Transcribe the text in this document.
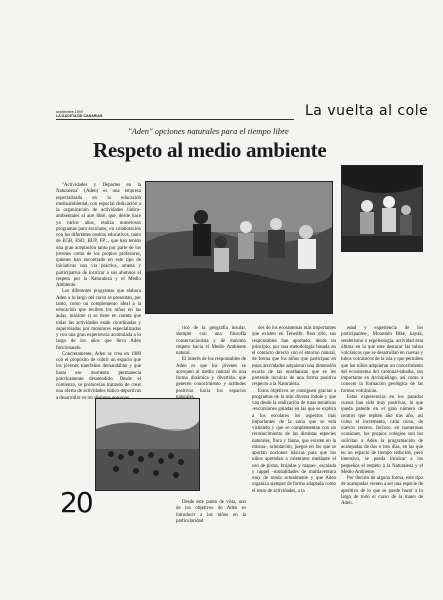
septiembre,1999
LA GACETA DE CANARIAS	La vuelta al cole
"Aden" opciones naturales para el tiempo libre
Respeto al medio ambiente

"Actividades y Deportes en la Naturaleza" (Aden) es una empresa especializada en la educación medioambiental, con especial dedicación a la organización de actividades lúdico-ambientales al aire libre, que, desde hace ya varios años, realiza numerosos programas para escolares, en colaboración con los diferentes centros educativos, tanto de EGB, ESO, BUP, FP..., que han tenido una gran aceptación tanto por parte de los jóvenes como de los propios profesores, quienes han encontrado en este tipo de iniciativas una vía práctica, amena y participativa de inculcar a sus alumnos el respeto por la Naturaleza y el Medio Ambiente.

Los diferentes programas que elabora Aden a lo largo del curso se presentan, por tanto, como un complemento ideal a la educación que reciben los niños en las aulas, máxime si se tiene en cuenta que todas las actividades están coordinadas y supervisadas por monitores especializados y con una gran experiencia acumulada a lo largo de los años que lleva Aden funcionando.

Concretamente, Aden se crea en 1989 con el propósito de cubrir un espacio que los jóvenes tinerfeños demandaban y que hasta ese momento permanecía prácticamente desatendido. Desde el comienzo, se promovían tratando de crear una oferta de actividades lúdico-deportivas a desarrollar en los distintos entornos

rico de la geografía insular, siempre con una filosofía conservacionista y de máximo respeto hacia el Medio Ambiente natural.

El interés de los responsables de Aden es que los jóvenes se acerquen al medio natural de una forma dinámica y divertida, que generen conocimiento y actitudes positivas hacia los espacios naturales.

Desde este punto de vista, uno de los objetivos de Aden es introducir a los niños en la particularidad

des de los ecosistemas más importantes que existen en Tenerife. Para ello, sus responsables han aportado, desde un principio, por una metodología basada en el contacto directo con el entorno natural, de forma que los niños que participan en estas actividades adquieran una dimensión exacta de las enseñanzas que se les pretende inculcar de una forma positiva respecto a la Naturaleza.

Estos objetivos se consiguen gracias a programas de la más diversa índole y que van desde la realización de rutas temáticas -excursiones guiadas en las que se explica a los escolares los aspectos más importantes de la zona que se está visitando y que se complementan con un reconocimiento de las distintas especies naturales, flora y fauna, que existen en la misma-, orientación, juegos en los que se aportan nociones básicas para que los niños aprendan a orientarse mediante el uso de pistas, brújulas y mapas-, escalada y rappel -modalidades de multiaventura muy de moda actualmente y que Aden organiza siempre de forma adaptada como el resto de actividades, a la

edad y experiencia de los participantes-, Mountain Bike, kayak, senderismo o espeleología, actividad esta última en la que este destacar las tubos volcánicos que se desarrollan en cuevas y tubos volcánicos de la isla y que permiten que los niños adquieran un conocimiento del ecosistema del cardonal-tabaiba, tan importante en Archipiélago, así como a conocer la formación geológica de las formas volcánicas.

Estas experiencias en los pasados cursos han sido muy positivas, lo que queda patente en el gran número de centros que repiten año tras año, así como el incremento, cada curso, de nuevos centros. Incluso, en numerosas ocasiones, los propios colegios son los solicitan a Aden la programación de acampadas de dos o tres días, en las que en un espacio de tiempo reducido, pero intensivo, se pueda inculcar a los pequeños el respeto a la Naturaleza y el Medio Ambiente.

Por decirlo de alguna forma, este tipo de acampadas vienen a ser una especie de aperitivo de lo que se puede hacer a lo largo de todo el curso de la mano de Aden.

20
